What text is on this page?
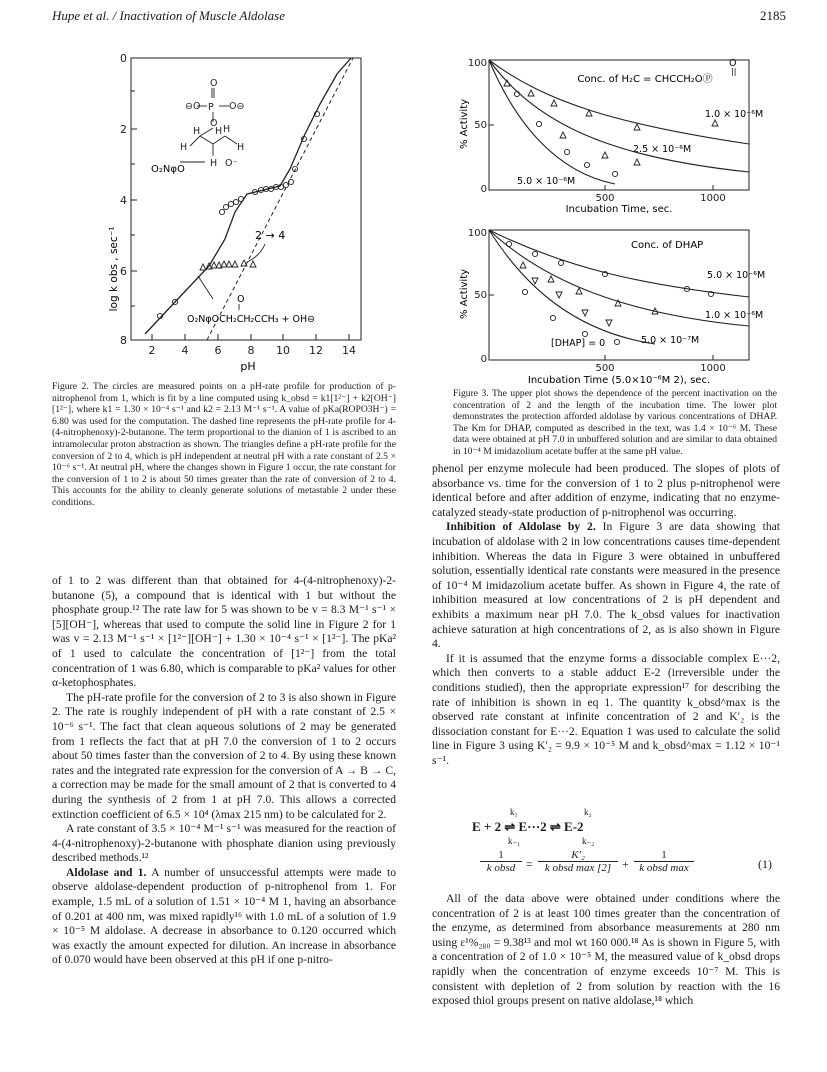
Hupe et al. / Inactivation of Muscle Aldolase	2185
0
2
4
6
8
2 4 6 8 10 12 14
pH
log k obs , sec⁻¹	2 → 4
O
⊖O P O⊖
O
H H
H
H
H
H O⁻
O₂NφO
O
O₂NφOCH₂CH₂CCH₃ + OH⊖

Figure 2. The circles are measured points on a pH-rate profile for production of p-nitrophenol from 1, which is fit by a line computed using k_obsd = k1[1²⁻] + k2[OH⁻][1²⁻], where k1 = 1.30 × 10⁻⁴ s⁻¹ and k2 = 2.13 M⁻¹ s⁻¹. A value of pKa(ROPO3H⁻) = 6.80 was used for the computation. The dashed line represents the pH-rate profile for 4-(4-nitrophenoxy)-2-butanone. The term proportional to the dianion of 1 is ascribed to an intramolecular proton abstraction as shown. The triangles define a pH-rate profile for the conversion of 2 to 4, which is pH independent at neutral pH with a rate constant of 2.5 × 10⁻⁶ s⁻¹. At neutral pH, where the changes shown in Figure 1 occur, the rate constant for the conversion of 1 to 2 is about 50 times greater than the rate of conversion of 2 to 4. This accounts for the ability to cleanly generate solutions of metastable 2 under these conditions.

100
50
0
500	1000
Incubation Time, sec.
% Activity
O
||
Conc. of H₂C = CHCCH₂OⓅ
1.0 × 10⁻⁶M
2.5 × 10⁻⁶M
5.0 × 10⁻⁶M
100
50
0
500	1000
Incubation Time (5.0×10⁻⁶M 2), sec.
% Activity
Conc. of DHAP
5.0 × 10⁻⁶M
1.0 × 10⁻⁶M
[DHAP] = 0	5.0 × 10⁻⁷M

Figure 3. The upper plot shows the dependence of the percent inactivation on the concentration of 2 and the length of the incubation time. The lower plot demonstrates the protection afforded aldolase by various concentrations of DHAP. The Km for DHAP, computed as described in the text, was 1.4 × 10⁻⁶ M. These data were obtained at pH 7.0 in unbuffered solution and are similar to data obtained in 10⁻⁴ M imidazolium acetate buffer at the same pH value.

of 1 to 2 was different than that obtained for 4-(4-nitrophenoxy)-2-butanone (5), a compound that is identical with 1 but without the phosphate group.¹² The rate law for 5 was shown to be v = 8.3 M⁻¹ s⁻¹ × [5][OH⁻], whereas that used to compute the solid line in Figure 2 for 1 was v = 2.13 M⁻¹ s⁻¹ × [1²⁻][OH⁻] + 1.30 × 10⁻⁴ s⁻¹ × [1²⁻]. The pKa² of 1 used to calculate the concentration of [1²⁻] from the total concentration of 1 was 6.80, which is comparable to pKa² values for other α-ketophosphates.

The pH-rate profile for the conversion of 2 to 3 is also shown in Figure 2. The rate is roughly independent of pH with a rate constant of 2.5 × 10⁻⁶ s⁻¹. The fact that clean aqueous solutions of 2 may be generated from 1 reflects the fact that at pH 7.0 the conversion of 1 to 2 occurs about 50 times faster than the conversion of 2 to 4. By using these known rates and the integrated rate expression for the conversion of A → B → C, a correction may be made for the small amount of 2 that is converted to 4 during the synthesis of 2 from 1 at pH 7.0. This allows a corrected extinction coefficient of 6.5 × 10⁴ (λmax 215 nm) to be calculated for 2.

A rate constant of 3.5 × 10⁻⁴ M⁻¹ s⁻¹ was measured for the reaction of 4-(4-nitrophenoxy)-2-butanone with phosphate dianion using previously described methods.¹²

Aldolase and 1. A number of unsuccessful attempts were made to observe aldolase-dependent production of p-nitrophenol from 1. For example, 1.5 mL of a solution of 1.51 × 10⁻⁴ M 1, having an absorbance of 0.201 at 400 nm, was mixed rapidly¹⁶ with 1.0 mL of a solution of 1.9 × 10⁻⁵ M aldolase. A decrease in absorbance to 0.120 occurred which was exactly the amount expected for dilution. An increase in absorbance of 0.070 would have been observed at this pH if one p-nitro-

phenol per enzyme molecule had been produced. The slopes of plots of absorbance vs. time for the conversion of 1 to 2 plus p-nitrophenol were identical before and after addition of enzyme, indicating that no enzyme-catalyzed steady-state production of p-nitrophenol was occurring.

Inhibition of Aldolase by 2. In Figure 3 are data showing that incubation of aldolase with 2 in low concentrations causes time-dependent inhibition. Whereas the data in Figure 3 were obtained in unbuffered solution, essentially identical rate constants were measured in the presence of 10⁻⁴ M imidazolium acetate buffer. As shown in Figure 4, the rate of inhibition measured at low concentrations of 2 is pH dependent and exhibits a maximum near pH 7.0. The k_obsd values for inactivation achieve saturation at high concentrations of 2, as is also shown in Figure 4.

If it is assumed that the enzyme forms a dissociable complex E···2, which then converts to a stable adduct E-2 (irreversible under the conditions studied), then the appropriate expression¹⁷ for describing the rate of inhibition is shown in eq 1. The quantity k_obsd^max is the observed rate constant at infinite concentration of 2 and K′₂ is the dissociation constant for E···2. Equation 1 was used to calculate the solid line in Figure 3 using K′₂ = 9.9 × 10⁻⁵ M and k_obsd^max = 1.12 × 10⁻¹ s⁻¹.

k₁	k₂
E + 2 ⇌ E···2 ⇌ E-2
k₋₁	k₋₂
1
k obsd =
K′₂
k obsd max [2] +
1
k obsd max	(1)

All of the data above were obtained under conditions where the concentration of 2 is at least 100 times greater than the concentration of the enzyme, as determined from absorbance measurements at 280 nm using ε¹%₂₈₀ = 9.38¹³ and mol wt 160 000.¹⁸ As is shown in Figure 5, with a concentration of 2 of 1.0 × 10⁻⁵ M, the measured value of k_obsd drops rapidly when the concentration of enzyme exceeds 10⁻⁷ M. This is consistent with depletion of 2 from solution by reaction with the 16 exposed thiol groups present on native aldolase,¹⁸ which
